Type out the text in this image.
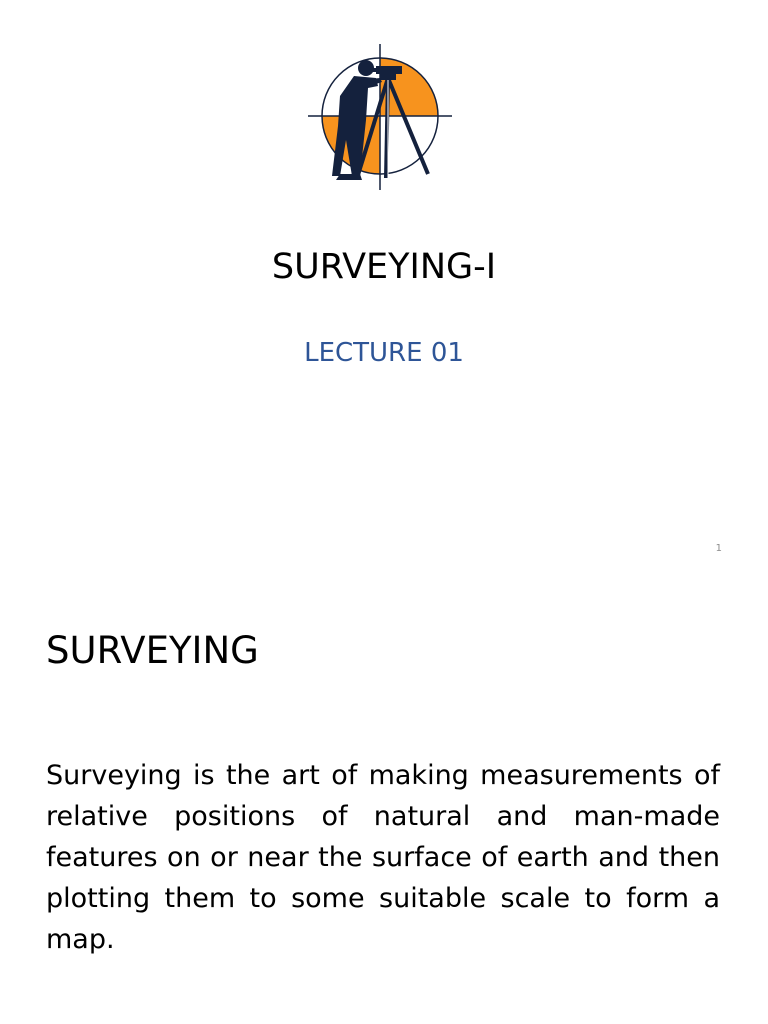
SURVEYING-I
LECTURE 01
1
SURVEYING

Surveying is the art of making measurements of relative positions of natural and man-made features on or near the surface of earth and then plotting them to some suitable scale to form a map.
